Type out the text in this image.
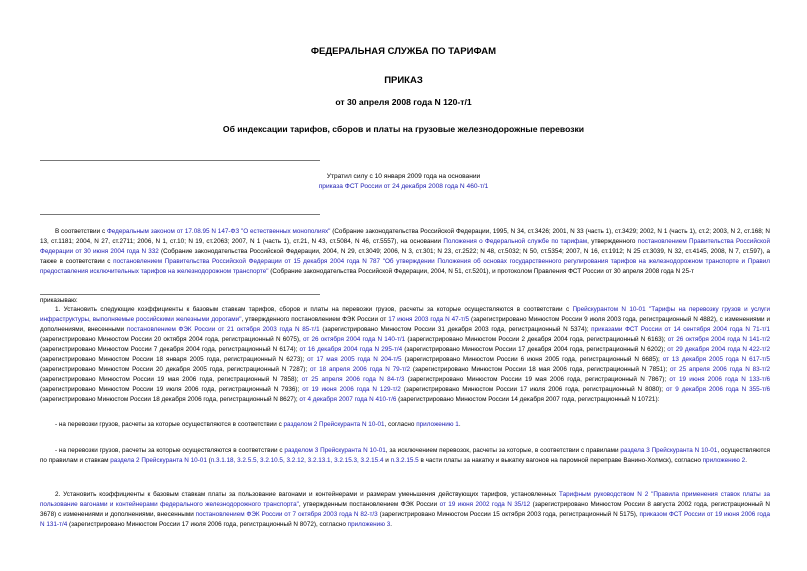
ФЕДЕРАЛЬНАЯ СЛУЖБА ПО ТАРИФАМ
ПРИКАЗ
от 30 апреля 2008 года N 120-т/1
Об индексации тарифов, сборов и платы на грузовые железнодорожные перевозки
Утратил силу с 10 января 2009 года на основании
приказа ФСТ России от 24 декабря 2008 года N 460-т/1
В соответствии с Федеральным законом от 17.08.95 N 147-ФЗ "О естественных монополиях" (Собрание законодательства Российской Федерации, 1995, N 34, ст.3426; 2001, N 33 (часть 1), ст.3429; 2002, N 1 (часть 1), ст.2; 2003, N 2, ст.168; N 13, ст.1181; 2004, N 27, ст.2711; 2006, N 1, ст.10; N 19, ст.2063; 2007, N 1 (часть 1), ст.21, N 43, ст.5084, N 46, ст.5557), на основании Положения о Федеральной службе по тарифам, утвержденного постановлением Правительства Российской Федерации от 30 июня 2004 года N 332 (Собрание законодательства Российской Федерации, 2004, N 29, ст.3049; 2006, N 3, ст.301; N 23, ст.2522; N 48, ст.5032; N 50, ст.5354; 2007, N 16, ст.1912; N 25 ст.3039, N 32, ст.4145, 2008, N 7, ст.597), а также в соответствии с постановлением Правительства Российской Федерации от 15 декабря 2004 года N 787 "Об утверждении Положения об основах государственного регулирования тарифов на железнодорожном транспорте и Правил предоставления исключительных тарифов на железнодорожном транспорте" (Собрание законодательства Российской Федерации, 2004, N 51, ст.5201), и протоколом Правления ФСТ России от 30 апреля 2008 года N 25-т
приказываю:
1. Установить следующие коэффициенты к базовым ставкам тарифов, сборов и платы на перевозки грузов, расчеты за которые осуществляются в соответствии с Прейскурантом N 10-01 "Тарифы на перевозку грузов и услуги инфраструктуры, выполняемые российскими железными дорогами", утвержденного постановлением ФЭК России от 17 июня 2003 года N 47-т/5 (зарегистрировано Минюстом России 9 июля 2003 года, регистрационный N 4882), с изменениями и дополнениями, внесенными постановлением ФЭК России от 21 октября 2003 года N 85-т/1 (зарегистрировано Минюстом России 31 декабря 2003 года, регистрационный N 5374); приказами ФСТ России от 14 сентября 2004 года N 71-т/1 (зарегистрировано Минюстом России 20 октября 2004 года, регистрационный N 6075), от 26 октября 2004 года N 140-т/1 (зарегистрировано Минюстом России 2 декабря 2004 года, регистрационный N 6163); от 26 октября 2004 года N 141-т/2 (зарегистрировано Минюстом России 7 декабря 2004 года, регистрационный N 6174); от 16 декабря 2004 года N 295-т/4 (зарегистрировано Минюстом России 17 декабря 2004 года, регистрационный N 6202); от 29 декабря 2004 года N 422-т/2 (зарегистрировано Минюстом России 18 января 2005 года, регистрационный N 6273); от 17 мая 2005 года N 204-т/5 (зарегистрировано Минюстом России 6 июня 2005 года, регистрационный N 6685); от 13 декабря 2005 года N 617-т/5 (зарегистрировано Минюстом России 20 декабря 2005 года, регистрационный N 7287); от 18 апреля 2006 года N 79-т/2 (зарегистрировано Минюстом России 18 мая 2006 года, регистрационный N 7851); от 25 апреля 2006 года N 83-т/2 (зарегистрировано Минюстом России 19 мая 2006 года, регистрационный N 7858); от 25 апреля 2006 года N 84-т/3 (зарегистрировано Минюстом России 19 мая 2006 года, регистрационный N 7867); от 19 июня 2006 года N 133-т/6 (зарегистрировано Минюстом России 19 июля 2006 года, регистрационный N 7936); от 19 июня 2006 года N 129-т/2 (зарегистрировано Минюстом России 17 июля 2006 года, регистрационный N 8080); от 9 декабря 2006 года N 355-т/6 (зарегистрировано Минюстом России 18 декабря 2006 года, регистрационный N 8627); от 4 декабря 2007 года N 410-т/6 (зарегистрировано Минюстом России 14 декабря 2007 года, регистрационный N 10721):
- на перевозки грузов, расчеты за которые осуществляются в соответствии с разделом 2 Прейскуранта N 10-01, согласно приложению 1.
- на перевозки грузов, расчеты за которые осуществляются в соответствии с разделом 3 Прейскуранта N 10-01, за исключением перевозок, расчеты за которые, в соответствии с правилами раздела 3 Прейскуранта N 10-01, осуществляются по правилам и ставкам раздела 2 Прейскуранта N 10-01 (п.3.1.18, 3.2.5.5, 3.2.10.5, 3.2.12, 3.2.13.1, 3.2.15.3, 3.2.15.4 и п.3.2.15.5 в части платы за накатку и выкатку вагонов на паромной переправе Ванино-Холмск), согласно приложению 2.
2. Установить коэффициенты к базовым ставкам платы за пользование вагонами и контейнерами и размерам уменьшения действующих тарифов, установленных Тарифным руководством N 2 "Правила применения ставок платы за пользование вагонами и контейнерами федерального железнодорожного транспорта", утвержденным постановлением ФЭК России от 19 июня 2002 года N 35/12 (зарегистрировано Минюстом России 8 августа 2002 года, регистрационный N 3678) с изменениями и дополнениями, внесенными постановлением ФЭК России от 7 октября 2003 года N 82-т/3 (зарегистрировано Минюстом России 15 октября 2003 года, регистрационный N 5175), приказом ФСТ России от 19 июня 2006 года N 131-т/4 (зарегистрировано Минюстом России 17 июля 2006 года, регистрационный N 8072), согласно приложению 3.
